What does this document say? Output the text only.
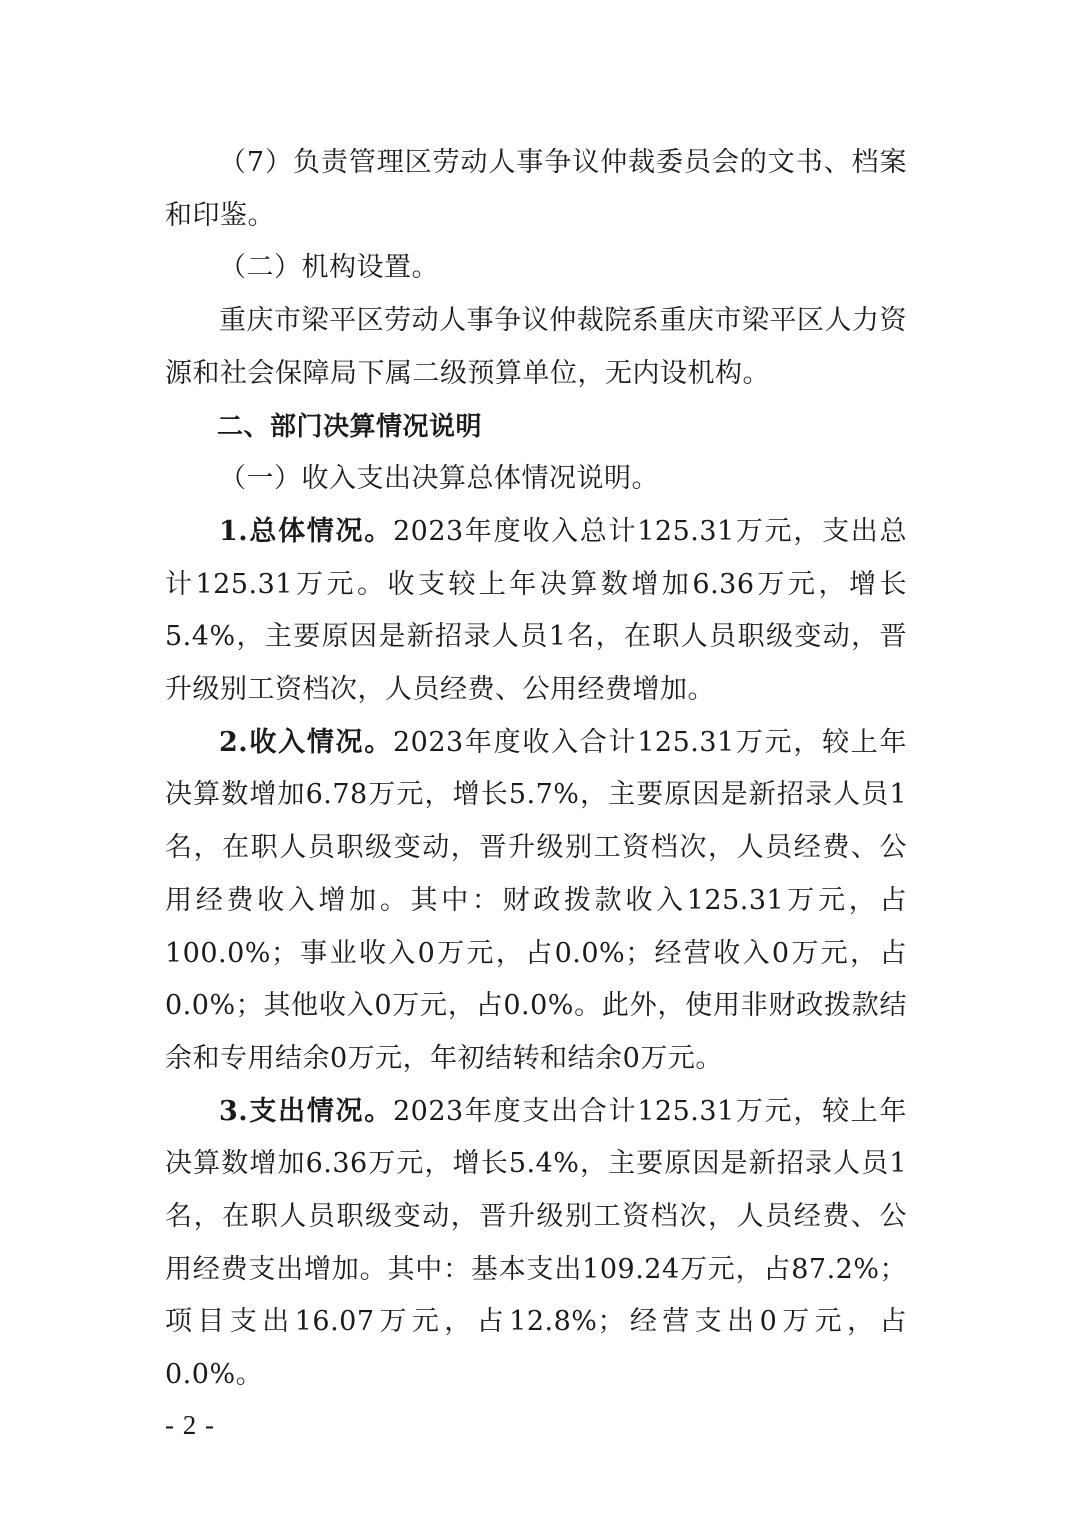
（7）负责管理区劳动人事争议仲裁委员会的文书、档案和印鉴。

（二）机构设置。

重庆市梁平区劳动人事争议仲裁院系重庆市梁平区人力资源和社会保障局下属二级预算单位，无内设机构。

二、部门决算情况说明

（一）收入支出决算总体情况说明。

1.总体情况。2023年度收入总计125.31万元，支出总计125.31万元。收支较上年决算数增加6.36万元，增长5.4%，主要原因是新招录人员1名，在职人员职级变动，晋升级别工资档次，人员经费、公用经费增加。

2.收入情况。2023年度收入合计125.31万元，较上年决算数增加6.78万元，增长5.7%，主要原因是新招录人员1名，在职人员职级变动，晋升级别工资档次，人员经费、公用经费收入增加。其中：财政拨款收入125.31万元，占100.0%；事业收入0万元，占0.0%；经营收入0万元，占0.0%；其他收入0万元，占0.0%。此外，使用非财政拨款结余和专用结余0万元，年初结转和结余0万元。

3.支出情况。2023年度支出合计125.31万元，较上年决算数增加6.36万元，增长5.4%，主要原因是新招录人员1名，在职人员职级变动，晋升级别工资档次，人员经费、公用经费支出增加。其中：基本支出109.24万元，占87.2%；项目支出16.07万元，占12.8%；经营支出0万元，占0.0%。

- 2 -
